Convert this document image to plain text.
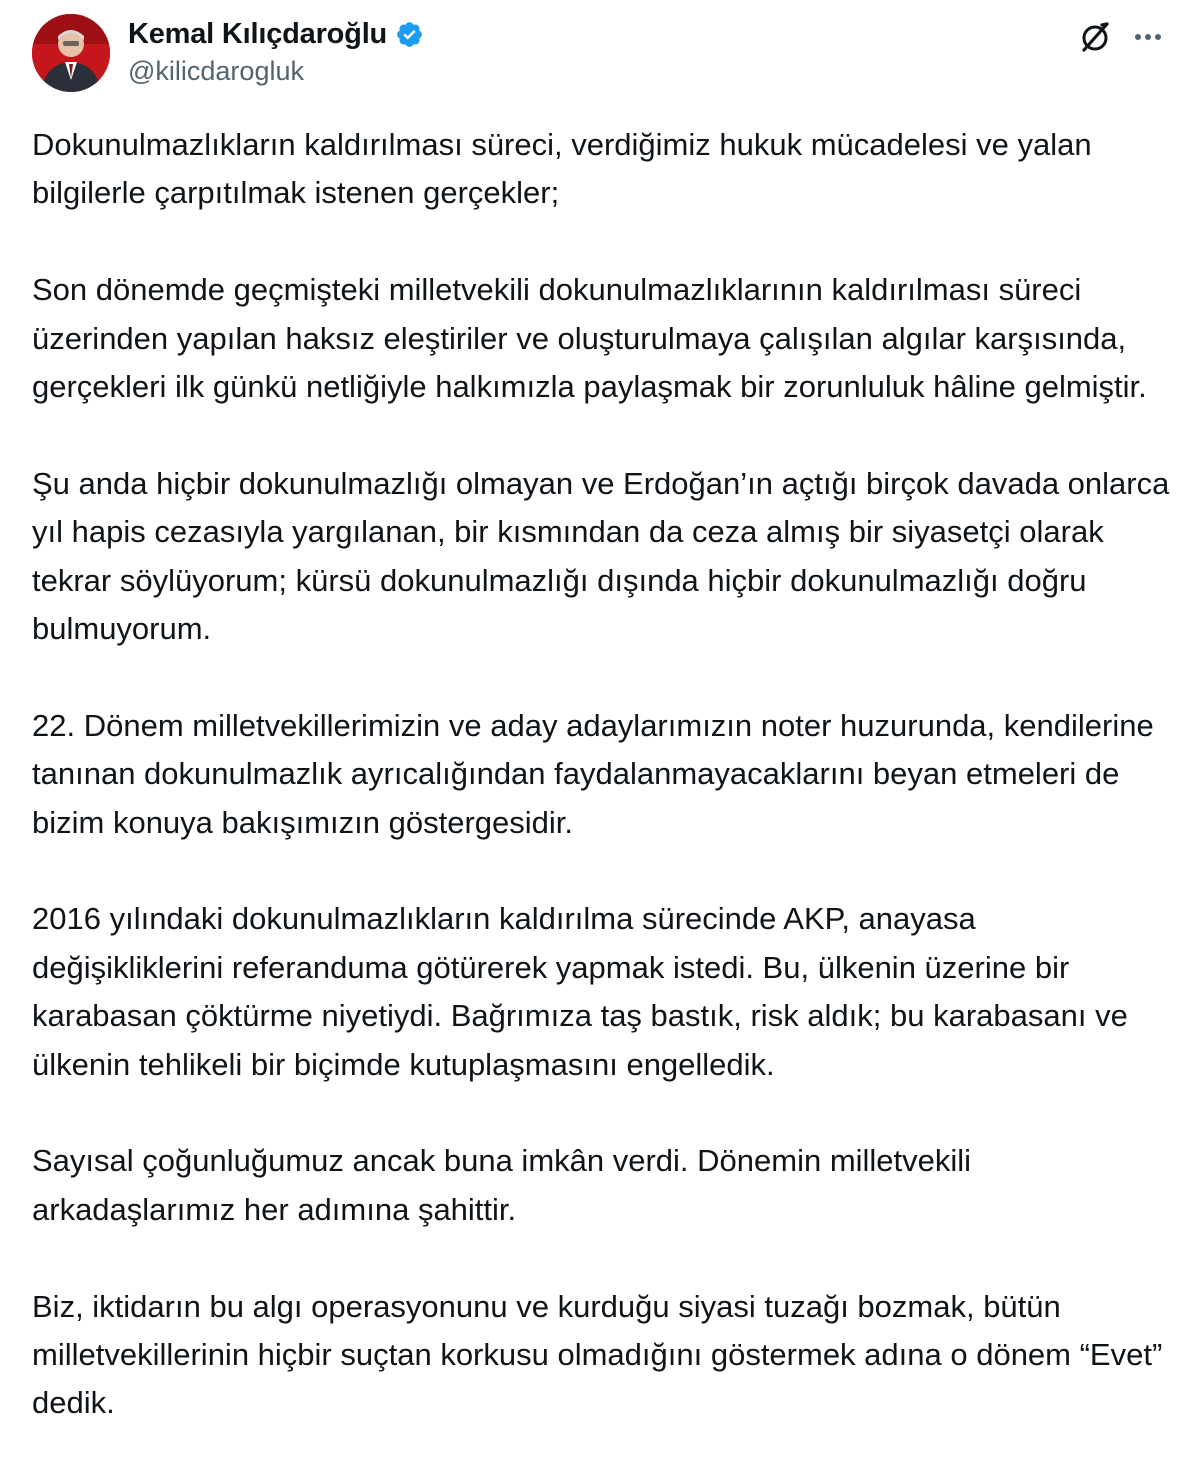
Kemal Kılıçdaroğlu
@kilicdarogluk

Dokunulmazlıkların kaldırılması süreci, verdiğimiz hukuk mücadelesi ve yalan bilgilerle çarpıtılmak istenen gerçekler;

Son dönemde geçmişteki milletvekili dokunulmazlıklarının kaldırılması süreci üzerinden yapılan haksız eleştiriler ve oluşturulmaya çalışılan algılar karşısında, gerçekleri ilk günkü netliğiyle halkımızla paylaşmak bir zorunluluk hâline gelmiştir.

Şu anda hiçbir dokunulmazlığı olmayan ve Erdoğan’ın açtığı birçok davada onlarca yıl hapis cezasıyla yargılanan, bir kısmından da ceza almış bir siyasetçi olarak tekrar söylüyorum; kürsü dokunulmazlığı dışında hiçbir dokunulmazlığı doğru bulmuyorum.

22. Dönem milletvekillerimizin ve aday adaylarımızın noter huzurunda, kendilerine tanınan dokunulmazlık ayrıcalığından faydalanmayacaklarını beyan etmeleri de bizim konuya bakışımızın göstergesidir.

2016 yılındaki dokunulmazlıkların kaldırılma sürecinde AKP, anayasa değişikliklerini referanduma götürerek yapmak istedi. Bu, ülkenin üzerine bir karabasan çöktürme niyetiydi. Bağrımıza taş bastık, risk aldık; bu karabasanı ve ülkenin tehlikeli bir biçimde kutuplaşmasını engelledik.

Sayısal çoğunluğumuz ancak buna imkân verdi. Dönemin milletvekili arkadaşlarımız her adımına şahittir.

Biz, iktidarın bu algı operasyonunu ve kurduğu siyasi tuzağı bozmak, bütün milletvekillerinin hiçbir suçtan korkusu olmadığını göstermek adına o dönem “Evet” dedik.
